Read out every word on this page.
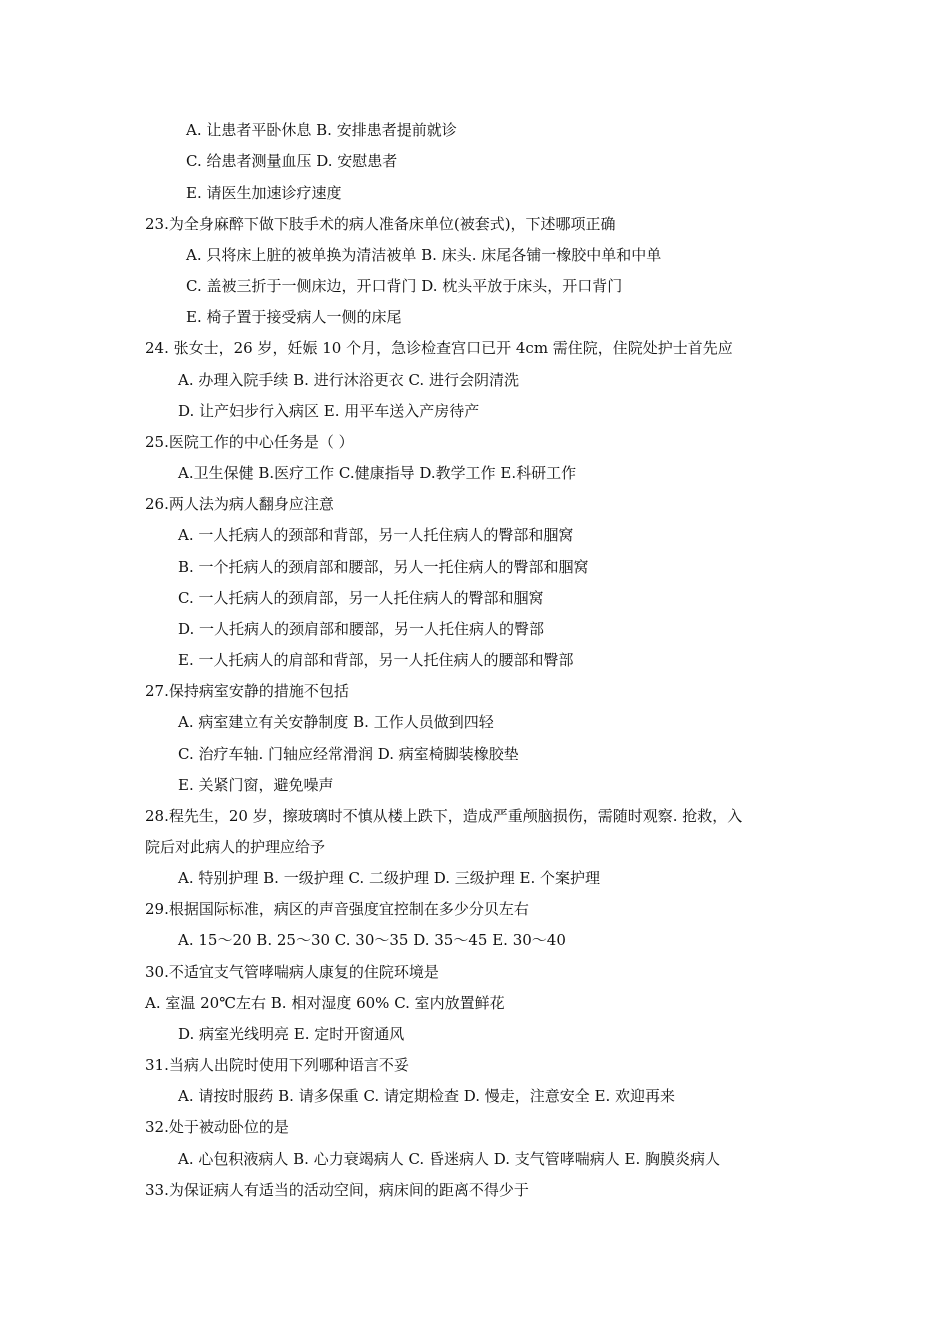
A. 让患者平卧休息 B. 安排患者提前就诊
C. 给患者测量血压 D. 安慰患者
E. 请医生加速诊疗速度
23.为全身麻醉下做下肢手术的病人准备床单位(被套式)，下述哪项正确
A. 只将床上脏的被单换为清洁被单 B. 床头. 床尾各铺一橡胶中单和中单
C. 盖被三折于一侧床边，开口背门 D. 枕头平放于床头，开口背门
E. 椅子置于接受病人一侧的床尾
24. 张女士，26 岁，妊娠 10 个月，急诊检查宫口已开 4cm 需住院，住院处护士首先应
A. 办理入院手续 B. 进行沐浴更衣 C. 进行会阴清洗
D. 让产妇步行入病区 E. 用平车送入产房待产
25.医院工作的中心任务是（ ）
A.卫生保健 B.医疗工作 C.健康指导 D.教学工作 E.科研工作
26.两人法为病人翻身应注意
A. 一人托病人的颈部和背部，另一人托住病人的臀部和腘窝
B. 一个托病人的颈肩部和腰部，另人一托住病人的臀部和腘窝
C. 一人托病人的颈肩部，另一人托住病人的臀部和腘窝
D. 一人托病人的颈肩部和腰部，另一人托住病人的臀部
E. 一人托病人的肩部和背部，另一人托住病人的腰部和臀部
27.保持病室安静的措施不包括
A. 病室建立有关安静制度 B. 工作人员做到四轻
C. 治疗车轴. 门轴应经常滑润 D. 病室椅脚装橡胶垫
E. 关紧门窗，避免噪声
28.程先生，20 岁，擦玻璃时不慎从楼上跌下，造成严重颅脑损伤，需随时观察. 抢救，入
院后对此病人的护理应给予
A. 特别护理 B. 一级护理 C. 二级护理 D. 三级护理 E. 个案护理
29.根据国际标准，病区的声音强度宜控制在多少分贝左右
A. 15～20 B. 25～30 C. 30～35 D. 35～45 E. 30～40
30.不适宜支气管哮喘病人康复的住院环境是
A. 室温 20℃左右 B. 相对湿度 60% C. 室内放置鲜花
D. 病室光线明亮 E. 定时开窗通风
31.当病人出院时使用下列哪种语言不妥
A. 请按时服药 B. 请多保重 C. 请定期检查 D. 慢走，注意安全 E. 欢迎再来
32.处于被动卧位的是
A. 心包积液病人 B. 心力衰竭病人 C. 昏迷病人 D. 支气管哮喘病人 E. 胸膜炎病人
33.为保证病人有适当的活动空间，病床间的距离不得少于
